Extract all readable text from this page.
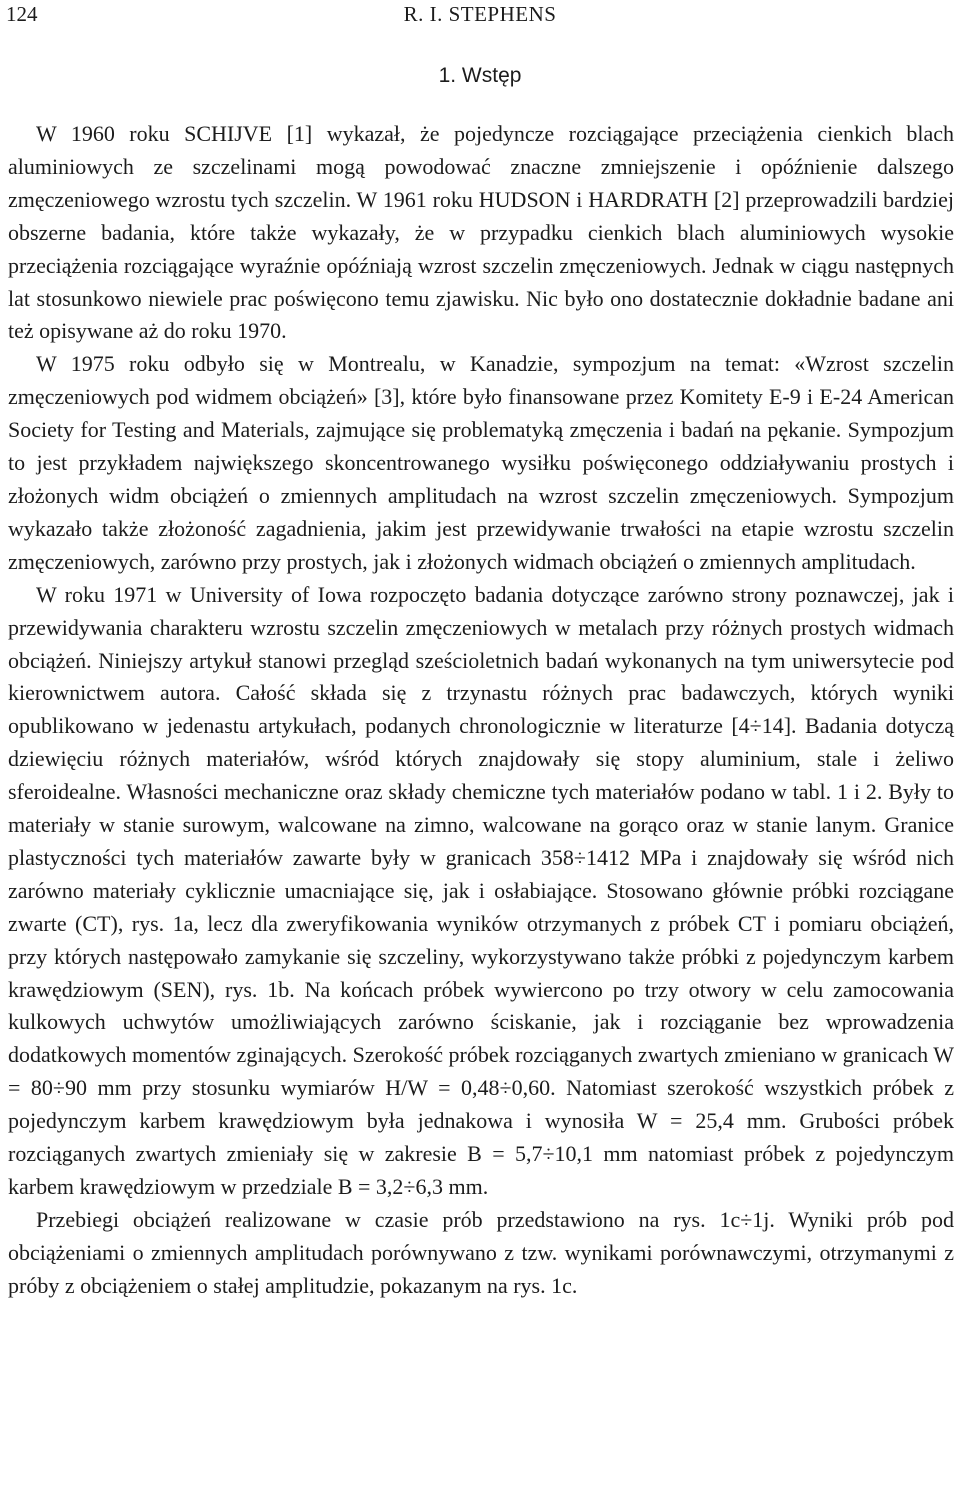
124	R. I. STEPHENS
1. Wstęp

W 1960 roku SCHIJVE [1] wykazał, że pojedyncze rozciągające przeciążenia cienkich blach aluminiowych ze szczelinami mogą powodować znaczne zmniejszenie i opóźnienie dalszego zmęczeniowego wzrostu tych szczelin. W 1961 roku HUDSON i HARDRATH [2] przeprowadzili bardziej obszerne badania, które także wykazały, że w przypadku cienkich blach aluminiowych wysokie przeciążenia rozciągające wyraźnie opóźniają wzrost szczelin zmęczeniowych. Jednak w ciągu następnych lat stosunkowo niewiele prac poświęcono temu zjawisku. Nic było ono dostatecznie dokładnie badane ani też opisywane aż do roku 1970.

W 1975 roku odbyło się w Montrealu, w Kanadzie, sympozjum na temat: «Wzrost szczelin zmęczeniowych pod widmem obciążeń» [3], które było finansowane przez Komitety E-9 i E-24 American Society for Testing and Materials, zajmujące się problematyką zmęczenia i badań na pękanie. Sympozjum to jest przykładem największego skoncentrowanego wysiłku poświęconego oddziaływaniu prostych i złożonych widm obciążeń o zmiennych amplitudach na wzrost szczelin zmęczeniowych. Sympozjum wykazało także złożoność zagadnienia, jakim jest przewidywanie trwałości na etapie wzrostu szczelin zmęczeniowych, zarówno przy prostych, jak i złożonych widmach obciążeń o zmiennych amplitudach.

W roku 1971 w University of Iowa rozpoczęto badania dotyczące zarówno strony poznawczej, jak i przewidywania charakteru wzrostu szczelin zmęczeniowych w metalach przy różnych prostych widmach obciążeń. Niniejszy artykuł stanowi przegląd sześcioletnich badań wykonanych na tym uniwersytecie pod kierownictwem autora. Całość składa się z trzynastu różnych prac badawczych, których wyniki opublikowano w jedenastu artykułach, podanych chronologicznie w literaturze [4÷14]. Badania dotyczą dziewięciu różnych materiałów, wśród których znajdowały się stopy aluminium, stale i żeliwo sferoidealne. Własności mechaniczne oraz składy chemiczne tych materiałów podano w tabl. 1 i 2. Były to materiały w stanie surowym, walcowane na zimno, walcowane na gorąco oraz w stanie lanym. Granice plastyczności tych materiałów zawarte były w granicach 358÷1412 MPa i znajdowały się wśród nich zarówno materiały cyklicznie umacniające się, jak i osłabiające. Stosowano głównie próbki rozciągane zwarte (CT), rys. 1a, lecz dla zweryfikowania wyników otrzymanych z próbek CT i pomiaru obciążeń, przy których następowało zamykanie się szczeliny, wykorzystywano także próbki z pojedynczym karbem krawędziowym (SEN), rys. 1b. Na końcach próbek wywiercono po trzy otwory w celu zamocowania kulkowych uchwytów umożliwiających zarówno ściskanie, jak i rozciąganie bez wprowadzenia dodatkowych momentów zginających. Szerokość próbek rozciąganych zwartych zmieniano w granicach W = 80÷90 mm przy stosunku wymiarów H/W = 0,48÷0,60. Natomiast szerokość wszystkich próbek z pojedynczym karbem krawędziowym była jednakowa i wynosiła W = 25,4 mm. Grubości próbek rozciąganych zwartych zmieniały się w zakresie B = 5,7÷10,1 mm natomiast próbek z pojedynczym karbem krawędziowym w przedziale B = 3,2÷6,3 mm.

Przebiegi obciążeń realizowane w czasie prób przedstawiono na rys. 1c÷1j. Wyniki prób pod obciążeniami o zmiennych amplitudach porównywano z tzw. wynikami porównawczymi, otrzymanymi z próby z obciążeniem o stałej amplitudzie, pokazanym na rys. 1c.
